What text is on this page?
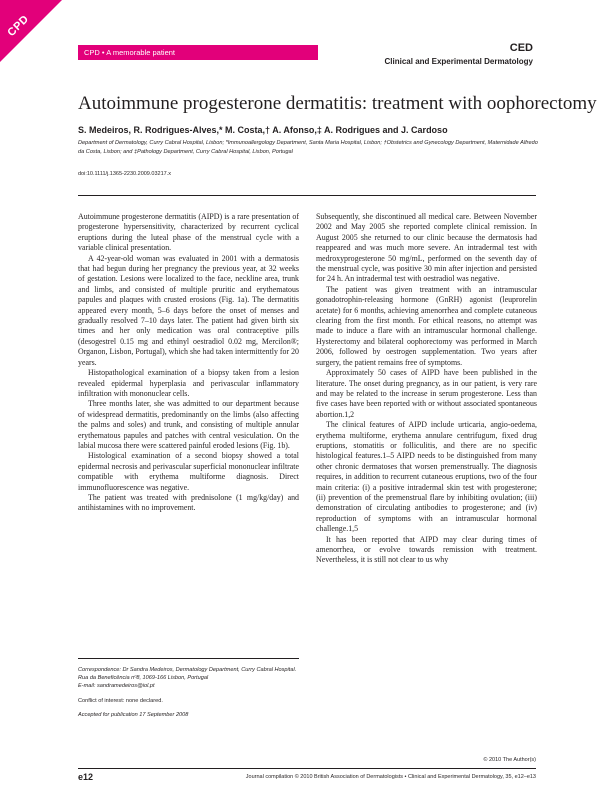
CPD
CPD • A memorable patient	CED
Clinical and Experimental Dermatology
Autoimmune progesterone dermatitis: treatment with oophorectomy
S. Medeiros, R. Rodrigues-Alves,* M. Costa,† A. Afonso,‡ A. Rodrigues and J. Cardoso
Department of Dermatology, Curry Cabral Hospital, Lisbon; *Immunoallergology Department, Santa Maria Hospital, Lisbon; †Obstetrics and Gynecology Department, Maternidade Alfredo da Costa, Lisbon; and ‡Pathology Department, Curry Cabral Hospital, Lisbon, Portugal
doi:10.1111/j.1365-2230.2009.03217.x

Autoimmune progesterone dermatitis (AIPD) is a rare presentation of progesterone hypersensitivity, characterized by recurrent cyclical eruptions during the luteal phase of the menstrual cycle with a variable clinical presentation.

A 42-year-old woman was evaluated in 2001 with a dermatosis that had begun during her pregnancy the previous year, at 32 weeks of gestation. Lesions were localized to the face, neckline area, trunk and limbs, and consisted of multiple pruritic and erythematous papules and plaques with crusted erosions (Fig. 1a). The dermatitis appeared every month, 5–6 days before the onset of menses and gradually resolved 7–10 days later. The patient had given birth six times and her only medication was oral contraceptive pills (desogestrel 0.15 mg and ethinyl oestradiol 0.02 mg, Mercilon®; Organon, Lisbon, Portugal), which she had taken intermittently for 20 years.

Histopathological examination of a biopsy taken from a lesion revealed epidermal hyperplasia and perivascular inflammatory infiltration with mononuclear cells.

Three months later, she was admitted to our department because of widespread dermatitis, predominantly on the limbs (also affecting the palms and soles) and trunk, and consisting of multiple annular erythematous papules and patches with central vesiculation. On the labial mucosa there were scattered painful eroded lesions (Fig. 1b).

Histological examination of a second biopsy showed a total epidermal necrosis and perivascular superficial mononuclear infiltrate compatible with erythema multiforme diagnosis. Direct immunofluorescence was negative.

The patient was treated with prednisolone (1 mg/kg/day) and antihistamines with no improvement.

Subsequently, she discontinued all medical care. Between November 2002 and May 2005 she reported complete clinical remission. In August 2005 she returned to our clinic because the dermatosis had reappeared and was much more severe. An intradermal test with medroxyprogesterone 50 mg/mL, performed on the seventh day of the menstrual cycle, was positive 30 min after injection and persisted for 24 h. An intradermal test with oestradiol was negative.

The patient was given treatment with an intramuscular gonadotrophin-releasing hormone (GnRH) agonist (leuprorelin acetate) for 6 months, achieving amenorrhea and complete cutaneous clearing from the first month. For ethical reasons, no attempt was made to induce a flare with an intramuscular hormonal challenge. Hysterectomy and bilateral oophorectomy was performed in March 2006, followed by oestrogen supplementation. Two years after surgery, the patient remains free of symptoms.

Approximately 50 cases of AIPD have been published in the literature. The onset during pregnancy, as in our patient, is very rare and may be related to the increase in serum progesterone. Less than five cases have been reported with or without associated spontaneous abortion.1,2

The clinical features of AIPD include urticaria, angio-oedema, erythema multiforme, erythema annulare centrifugum, fixed drug eruptions, stomatitis or folliculitis, and there are no specific histological features.1–5 AIPD needs to be distinguished from many other chronic dermatoses that worsen premenstrually. The diagnosis requires, in addition to recurrent cutaneous eruptions, two of the four main criteria: (i) a positive intradermal skin test with progesterone; (ii) prevention of the premenstrual flare by inhibiting ovulation; (iii) demonstration of circulating antibodies to progesterone; and (iv) reproduction of symptoms with an intramuscular hormonal challenge.1,5

It has been reported that AIPD may clear during times of amenorrhea, or evolve towards remission with treatment. Nevertheless, it is still not clear to us why

Correspondence: Dr Sandra Medeiros, Dermatology Department, Curry Cabral Hospital. Rua da Beneficência nº8, 1069-166 Lisbon, Portugal
E-mail: sandramedeiros@iol.pt
Conflict of interest: none declared.
Accepted for publication 17 September 2008
© 2010 The Author(s)
e12	Journal compilation © 2010 British Association of Dermatologists • Clinical and Experimental Dermatology, 35, e12–e13
